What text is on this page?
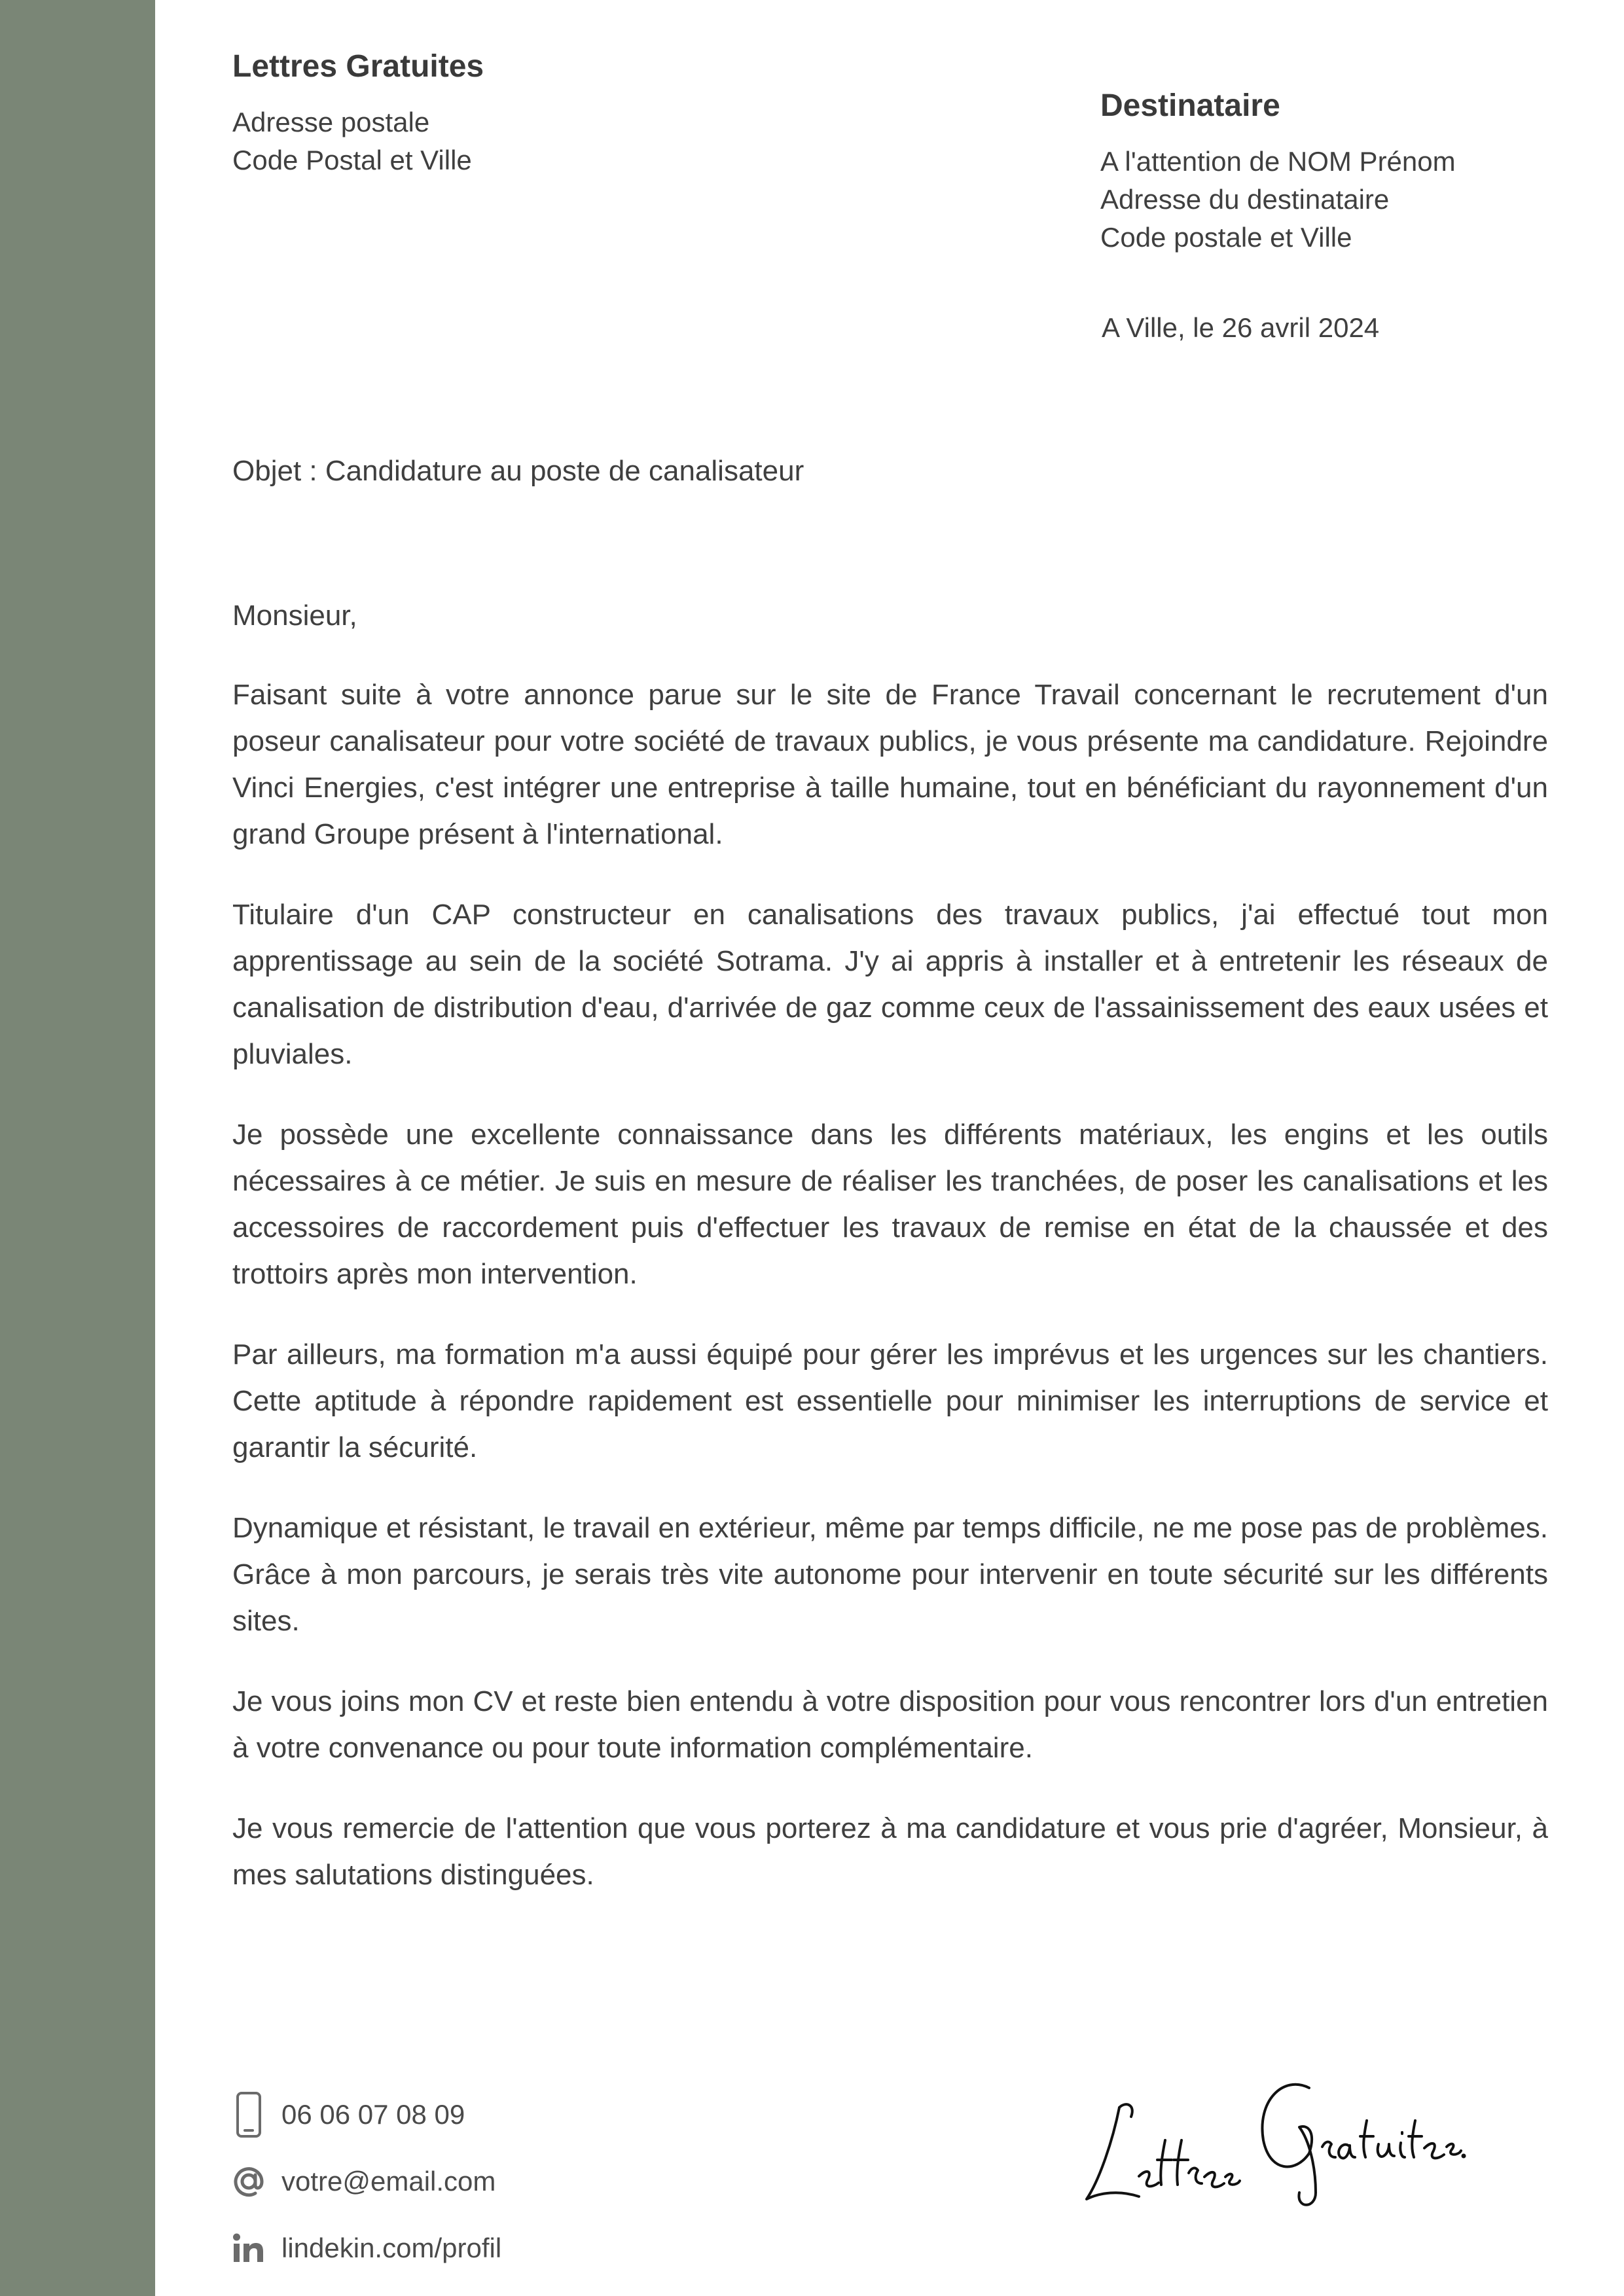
Lettres Gratuites
Adresse postale
Code Postal et Ville
Destinataire
A l'attention de NOM Prénom
Adresse du destinataire
Code postale et Ville
A Ville, le 26 avril 2024
Objet : Candidature au poste de canalisateur

Monsieur,

Faisant suite à votre annonce parue sur le site de France Travail concernant le recrutement d'un poseur canalisateur pour votre société de travaux publics, je vous présente ma candidature. Rejoindre Vinci Energies, c'est intégrer une entreprise à taille humaine, tout en bénéficiant du rayonnement d'un grand Groupe présent à l'international.

Titulaire d'un CAP constructeur en canalisations des travaux publics, j'ai effectué tout mon apprentissage au sein de la société Sotrama. J'y ai appris à installer et à entretenir les réseaux de canalisation de distribution d'eau, d'arrivée de gaz comme ceux de l'assainissement des eaux usées et pluviales.

Je possède une excellente connaissance dans les différents matériaux, les engins et les outils nécessaires à ce métier. Je suis en mesure de réaliser les tranchées, de poser les canalisations et les accessoires de raccordement puis d'effectuer les travaux de remise en état de la chaussée et des trottoirs après mon intervention.

Par ailleurs, ma formation m'a aussi équipé pour gérer les imprévus et les urgences sur les chantiers. Cette aptitude à répondre rapidement est essentielle pour minimiser les interruptions de service et garantir la sécurité.

Dynamique et résistant, le travail en extérieur, même par temps difficile, ne me pose pas de problèmes. Grâce à mon parcours, je serais très vite autonome pour intervenir en toute sécurité sur les différents sites.

Je vous joins mon CV et reste bien entendu à votre disposition pour vous rencontrer lors d'un entretien à votre convenance ou pour toute information complémentaire.

Je vous remercie de l'attention que vous porterez à ma candidature et vous prie d'agréer, Monsieur, à mes salutations distinguées.

06 06 07 08 09
votre@email.com
lindekin.com/profil
